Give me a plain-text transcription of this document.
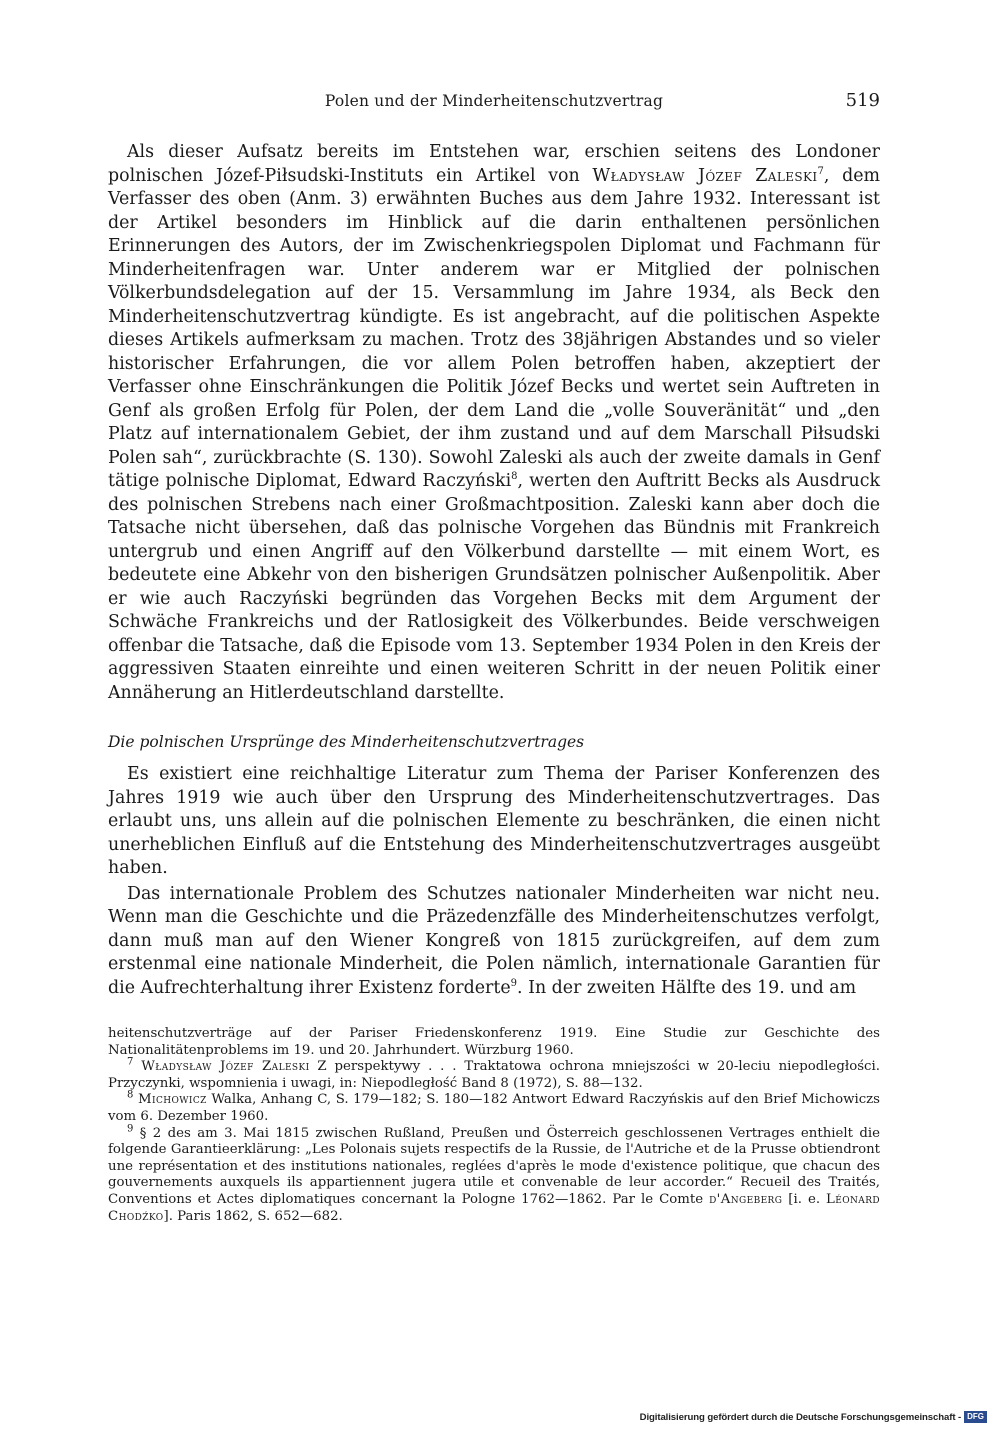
Polen und der Minderheitenschutzvertrag	519

Als dieser Aufsatz bereits im Entstehen war, erschien seitens des Londoner polnischen Józef-Piłsudski-Instituts ein Artikel von Władysław Józef Zaleski$^7$, dem Verfasser des oben (Anm. 3) erwähnten Buches aus dem Jahre 1932. Interessant ist der Artikel besonders im Hinblick auf die darin enthaltenen persönlichen Erinnerungen des Autors, der im Zwischenkriegspolen Diplomat und Fachmann für Minderheitenfragen war. Unter anderem war er Mitglied der polnischen Völkerbundsdelegation auf der 15. Versammlung im Jahre 1934, als Beck den Minderheitenschutzvertrag kündigte. Es ist angebracht, auf die politischen Aspekte dieses Artikels aufmerksam zu machen. Trotz des 38jährigen Abstandes und so vieler historischer Erfahrungen, die vor allem Polen betroffen haben, akzeptiert der Verfasser ohne Einschränkungen die Politik Józef Becks und wertet sein Auftreten in Genf als großen Erfolg für Polen, der dem Land die „volle Souveränität“ und „den Platz auf internationalem Gebiet, der ihm zustand und auf dem Marschall Piłsudski Polen sah“, zurückbrachte (S. 130). Sowohl Zaleski als auch der zweite damals in Genf tätige polnische Diplomat, Edward Raczyński$^8$, werten den Auftritt Becks als Ausdruck des polnischen Strebens nach einer Großmachtposition. Zaleski kann aber doch die Tatsache nicht übersehen, daß das polnische Vorgehen das Bündnis mit Frankreich untergrub und einen Angriff auf den Völkerbund darstellte — mit einem Wort, es bedeutete eine Abkehr von den bisherigen Grundsätzen polnischer Außenpolitik. Aber er wie auch Raczyński begründen das Vorgehen Becks mit dem Argument der Schwäche Frankreichs und der Ratlosigkeit des Völkerbundes. Beide verschweigen offenbar die Tatsache, daß die Episode vom 13. September 1934 Polen in den Kreis der aggressiven Staaten einreihte und einen weiteren Schritt in der neuen Politik einer Annäherung an Hitlerdeutschland darstellte.

Die polnischen Ursprünge des Minderheitenschutzvertrages

Es existiert eine reichhaltige Literatur zum Thema der Pariser Konferenzen des Jahres 1919 wie auch über den Ursprung des Minderheitenschutzvertrages. Das erlaubt uns, uns allein auf die polnischen Elemente zu beschränken, die einen nicht unerheblichen Einfluß auf die Entstehung des Minderheitenschutzvertrages ausgeübt haben.

Das internationale Problem des Schutzes nationaler Minderheiten war nicht neu. Wenn man die Geschichte und die Präzedenzfälle des Minderheitenschutzes verfolgt, dann muß man auf den Wiener Kongreß von 1815 zurückgreifen, auf dem zum erstenmal eine nationale Minderheit, die Polen nämlich, internationale Garantien für die Aufrechterhaltung ihrer Existenz forderte$^9$. In der zweiten Hälfte des 19. und am

heitenschutzverträge auf der Pariser Friedenskonferenz 1919. Eine Studie zur Geschichte des Nationalitätenproblems im 19. und 20. Jahrhundert. Würzburg 1960.

$^7$ Władysław Józef Zaleski Z perspektywy . . . Traktatowa ochrona mniejszości w 20-leciu niepodległości. Przyczynki, wspomnienia i uwagi, in: Niepodległość Band 8 (1972), S. 88—132.

$^8$ Michowicz Walka, Anhang C, S. 179—182; S. 180—182 Antwort Edward Raczyńskis auf den Brief Michowiczs vom 6. Dezember 1960.

$^9$ § 2 des am 3. Mai 1815 zwischen Rußland, Preußen und Österreich geschlossenen Vertrages enthielt die folgende Garantieerklärung: „Les Polonais sujets respectifs de la Russie, de l'Autriche et de la Prusse obtiendront une représentation et des institutions nationales, reglées d'après le mode d'existence politique, que chacun des gouvernements auxquels ils appartiennent jugera utile et convenable de leur accorder.“ Recueil des Traités, Conventions et Actes diplomatiques concernant la Pologne 1762—1862. Par le Comte d'Angeberg [i. e. Léonard Chodźko]. Paris 1862, S. 652—682.

Digitalisierung gefördert durch die Deutsche Forschungsgemeinschaft - DFG
